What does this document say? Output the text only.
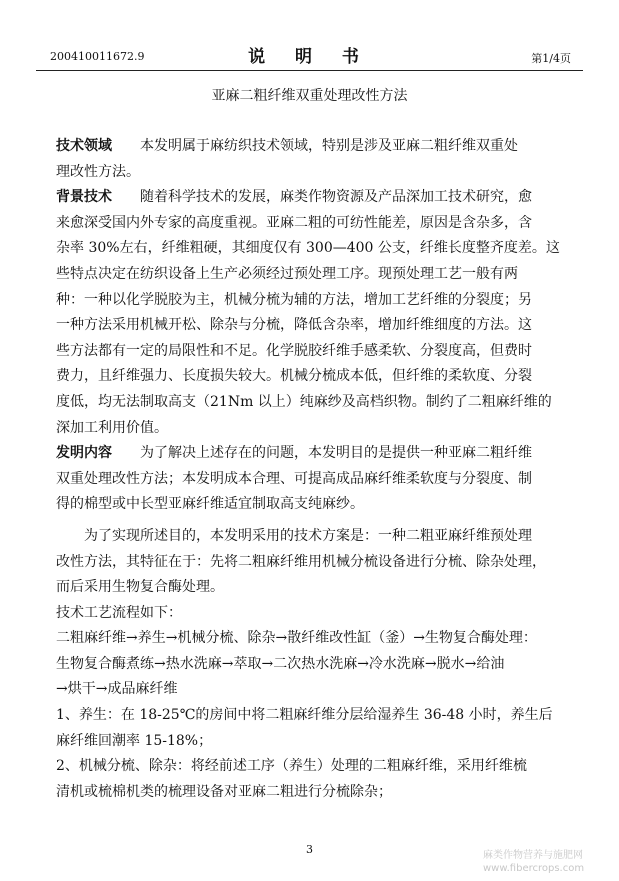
200410011672.9	说 明 书	第1/4页
亚麻二粗纤维双重处理改性方法
技术领域 本发明属于麻纺织技术领域，特别是涉及亚麻二粗纤维双重处
理改性方法。
背景技术 随着科学技术的发展，麻类作物资源及产品深加工技术研究，愈
来愈深受国内外专家的高度重视。亚麻二粗的可纺性能差，原因是含杂多，含
杂率 30%左右，纤维粗硬，其细度仅有 300—400 公支，纤维长度整齐度差。这
些特点决定在纺织设备上生产必须经过预处理工序。现预处理工艺一般有两
种：一种以化学脱胶为主，机械分梳为辅的方法，增加工艺纤维的分裂度；另
一种方法采用机械开松、除杂与分梳，降低含杂率，增加纤维细度的方法。这
些方法都有一定的局限性和不足。化学脱胶纤维手感柔软、分裂度高，但费时
费力，且纤维强力、长度损失较大。机械分梳成本低，但纤维的柔软度、分裂
度低，均无法制取高支（21Nm 以上）纯麻纱及高档织物。制约了二粗麻纤维的
深加工利用价值。
发明内容 为了解决上述存在的问题，本发明目的是提供一种亚麻二粗纤维
双重处理改性方法；本发明成本合理、可提高成品麻纤维柔软度与分裂度、制
得的棉型或中长型亚麻纤维适宜制取高支纯麻纱。
为了实现所述目的，本发明采用的技术方案是：一种二粗亚麻纤维预处理
改性方法，其特征在于：先将二粗麻纤维用机械分梳设备进行分梳、除杂处理，
而后采用生物复合酶处理。
技术工艺流程如下：
二粗麻纤维→养生→机械分梳、除杂→散纤维改性缸（釜）→生物复合酶处理：
生物复合酶煮练→热水洗麻→萃取→二次热水洗麻→冷水洗麻→脱水→给油
→烘干→成品麻纤维
1、养生：在 18-25℃的房间中将二粗麻纤维分层给湿养生 36-48 小时，养生后
麻纤维回潮率 15-18%；
2、机械分梳、除杂：将经前述工序（养生）处理的二粗麻纤维，采用纤维梳
清机或梳棉机类的梳理设备对亚麻二粗进行分梳除杂；
3	麻类作物营养与施肥网
www.fibercrops.com
